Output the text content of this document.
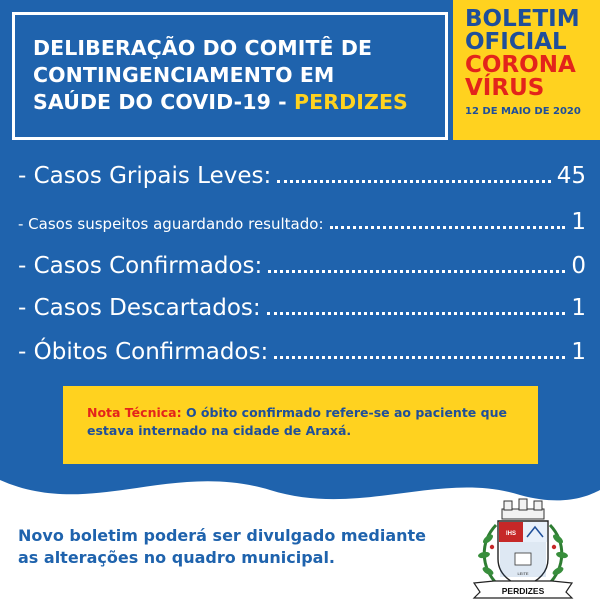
DELIBERAÇÃO DO COMITÊ DE

CONTINGENCIAMENTO EM

SAÚDE DO COVID-19 - PERDIZES

BOLETIM
OFICIAL
CORONA
VÍRUS
12 DE MAIO DE 2020
- Casos Gripais Leves:	45
- Casos suspeitos aguardando resultado:	1
- Casos Confirmados:	0
- Casos Descartados:	1
- Óbitos Confirmados:	1
Nota Técnica: O óbito confirmado refere-se ao paciente que estava internado na cidade de Araxá.
Novo boletim poderá ser divulgado mediante
as alterações no quadro municipal.
IHS
LEITE
PERDIZES
